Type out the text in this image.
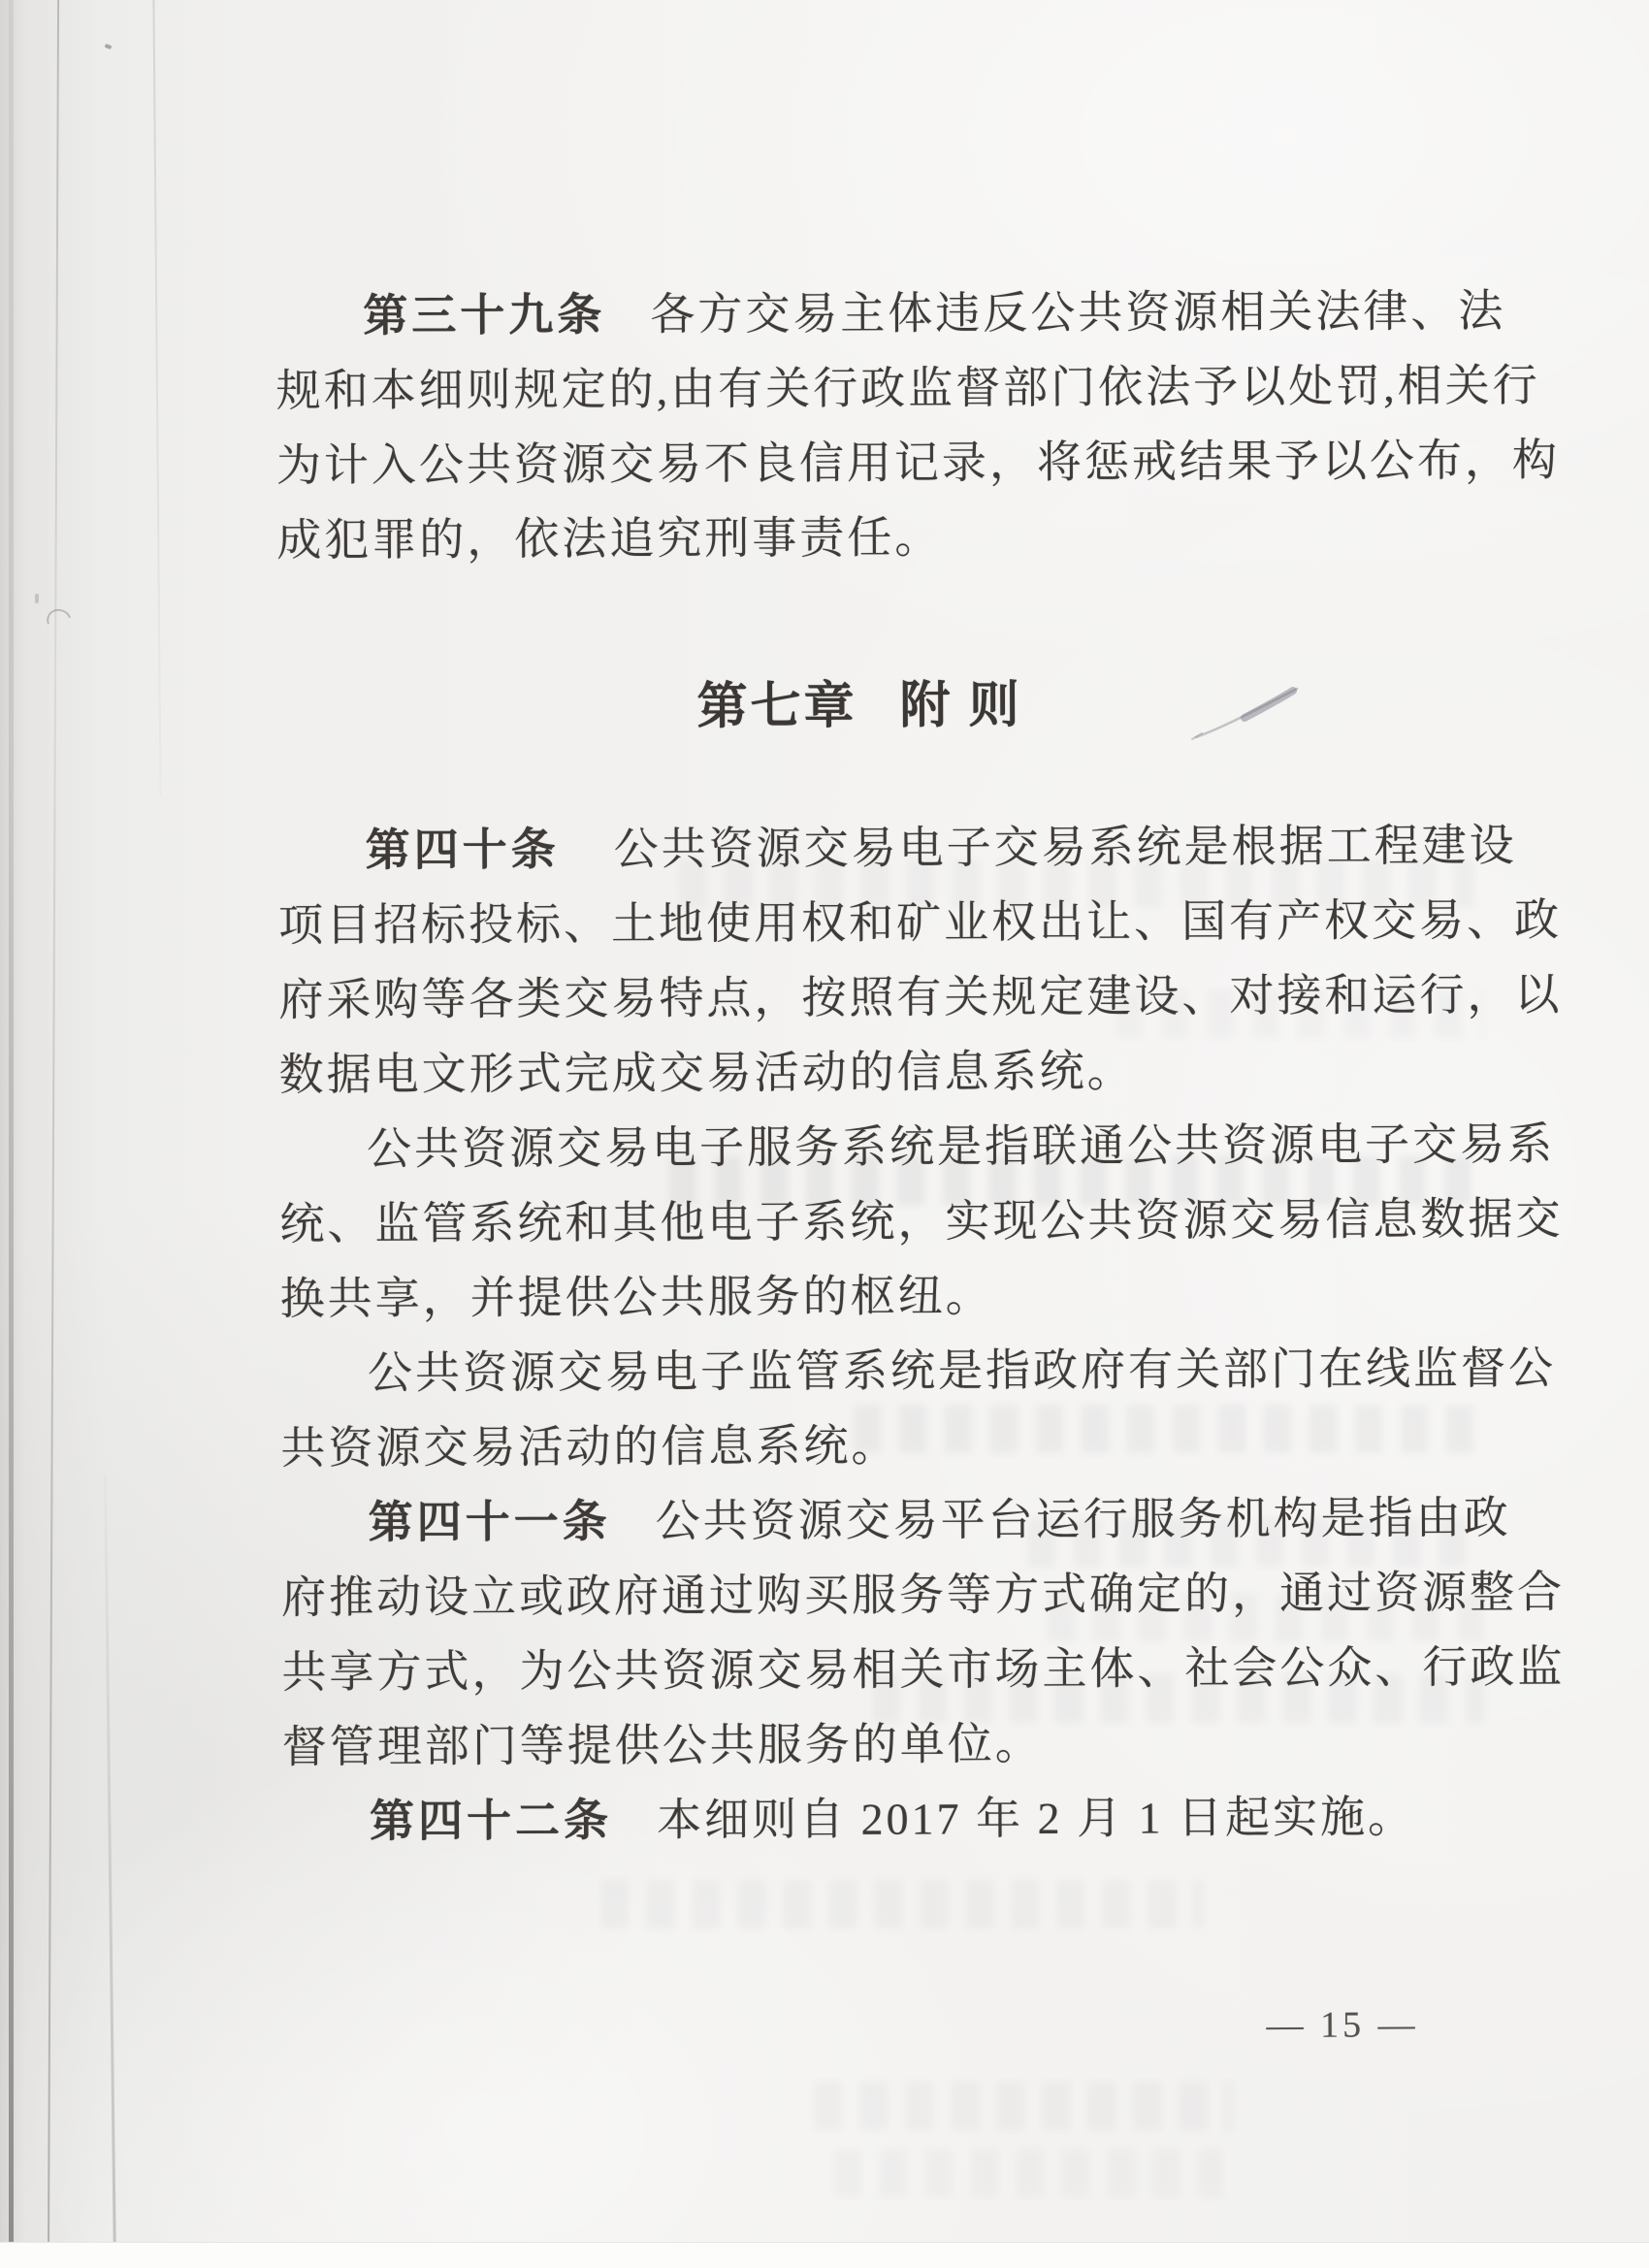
第三十九条 各方交易主体违反公共资源相关法律、法
规和本细则规定的,由有关行政监督部门依法予以处罚,相关行
为计入公共资源交易不良信用记录，将惩戒结果予以公布，构
成犯罪的，依法追究刑事责任。
第七章 附 则
第四十条 公共资源交易电子交易系统是根据工程建设
项目招标投标、土地使用权和矿业权出让、国有产权交易、政
府采购等各类交易特点，按照有关规定建设、对接和运行，以
数据电文形式完成交易活动的信息系统。
公共资源交易电子服务系统是指联通公共资源电子交易系
统、监管系统和其他电子系统，实现公共资源交易信息数据交
换共享，并提供公共服务的枢纽。
公共资源交易电子监管系统是指政府有关部门在线监督公
共资源交易活动的信息系统。
第四十一条 公共资源交易平台运行服务机构是指由政
府推动设立或政府通过购买服务等方式确定的，通过资源整合
共享方式，为公共资源交易相关市场主体、社会公众、行政监
督管理部门等提供公共服务的单位。
第四十二条 本细则自 2017 年 2 月 1 日起实施。
— 15 —
